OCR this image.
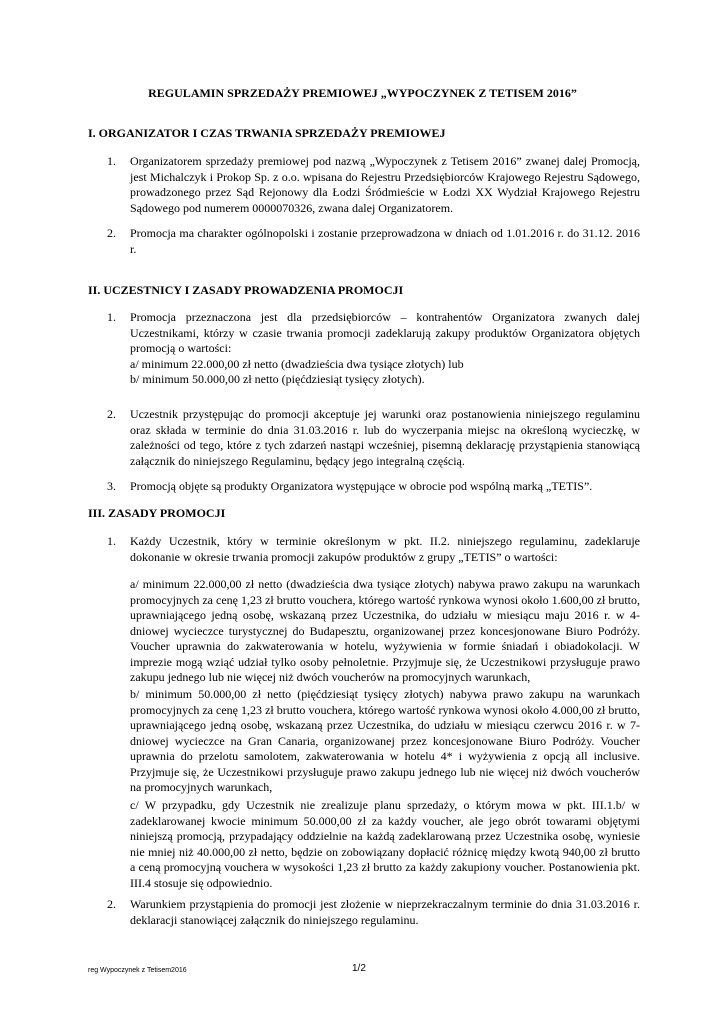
REGULAMIN SPRZEDAŻY PREMIOWEJ „WYPOCZYNEK Z TETISEM 2016”
I. ORGANIZATOR I CZAS TRWANIA SPRZEDAŻY PREMIOWEJ
1. Organizatorem sprzedaży premiowej pod nazwą „Wypoczynek z Tetisem 2016” zwanej dalej Promocją, jest Michalczyk i Prokop Sp. z o.o. wpisana do Rejestru Przedsiębiorców Krajowego Rejestru Sądowego, prowadzonego przez Sąd Rejonowy dla Łodzi Śródmieście w Łodzi XX Wydział Krajowego Rejestru Sądowego pod numerem 0000070326, zwana dalej Organizatorem.
2. Promocja ma charakter ogólnopolski i zostanie przeprowadzona w dniach od 1.01.2016 r. do 31.12. 2016 r.
II. UCZESTNICY I ZASADY PROWADZENIA PROMOCJI
1. Promocja przeznaczona jest dla przedsiębiorców – kontrahentów Organizatora zwanych dalej Uczestnikami, którzy w czasie trwania promocji zadeklarują zakupy produktów Organizatora objętych promocją o wartości:
a/ minimum 22.000,00 zł netto (dwadzieścia dwa tysiące złotych) lub
b/ minimum 50.000,00 zł netto (pięćdziesiąt tysięcy złotych).
2. Uczestnik przystępując do promocji akceptuje jej warunki oraz postanowienia niniejszego regulaminu oraz składa w terminie do dnia 31.03.2016 r. lub do wyczerpania miejsc na określoną wycieczkę, w zależności od tego, które z tych zdarzeń nastąpi wcześniej, pisemną deklarację przystąpienia stanowiącą załącznik do niniejszego Regulaminu, będący jego integralną częścią.
3. Promocją objęte są produkty Organizatora występujące w obrocie pod wspólną marką „TETIS”.
III. ZASADY PROMOCJI
1. Każdy Uczestnik, który w terminie określonym w pkt. II.2. niniejszego regulaminu, zadeklaruje dokonanie w okresie trwania promocji zakupów produktów z grupy „TETIS” o wartości:
a/ minimum 22.000,00 zł netto (dwadzieścia dwa tysiące złotych) nabywa prawo zakupu na warunkach promocyjnych za cenę 1,23 zł brutto vouchera, którego wartość rynkowa wynosi około 1.600,00 zł brutto, uprawniającego jedną osobę, wskazaną przez Uczestnika, do udziału w miesiącu maju 2016 r. w 4-dniowej wycieczce turystycznej do Budapesztu, organizowanej przez koncesjonowane Biuro Podróży. Voucher uprawnia do zakwaterowania w hotelu, wyżywienia w formie śniadań i obiadokolacji. W imprezie mogą wziąć udział tylko osoby pełnoletnie. Przyjmuje się, że Uczestnikowi przysługuje prawo zakupu jednego lub nie więcej niż dwóch voucherów na promocyjnych warunkach,
b/ minimum 50.000,00 zł netto (pięćdziesiąt tysięcy złotych) nabywa prawo zakupu na warunkach promocyjnych za cenę 1,23 zł brutto vouchera, którego wartość rynkowa wynosi około 4.000,00 zł brutto, uprawniającego jedną osobę, wskazaną przez Uczestnika, do udziału w miesiącu czerwcu 2016 r. w 7-dniowej wycieczce na Gran Canaria, organizowanej przez koncesjonowane Biuro Podróży. Voucher uprawnia do przelotu samolotem, zakwaterowania w hotelu 4* i wyżywienia z opcją all inclusive. Przyjmuje się, że Uczestnikowi przysługuje prawo zakupu jednego lub nie więcej niż dwóch voucherów na promocyjnych warunkach,
c/ W przypadku, gdy Uczestnik nie zrealizuje planu sprzedaży, o którym mowa w pkt. III.1.b/ w zadeklarowanej kwocie minimum 50.000,00 zł za każdy voucher, ale jego obrót towarami objętymi niniejszą promocją, przypadający oddzielnie na każdą zadeklarowaną przez Uczestnika osobę, wyniesie nie mniej niż 40.000,00 zł netto, będzie on zobowiązany dopłacić różnicę między kwotą 940,00 zł brutto a ceną promocyjną vouchera w wysokości 1,23 zł brutto za każdy zakupiony voucher. Postanowienia pkt. III.4 stosuje się odpowiednio.
2. Warunkiem przystąpienia do promocji jest złożenie w nieprzekraczalnym terminie do dnia 31.03.2016 r. deklaracji stanowiącej załącznik do niniejszego regulaminu.
reg Wypoczynek z Tetisem2016	1/2
